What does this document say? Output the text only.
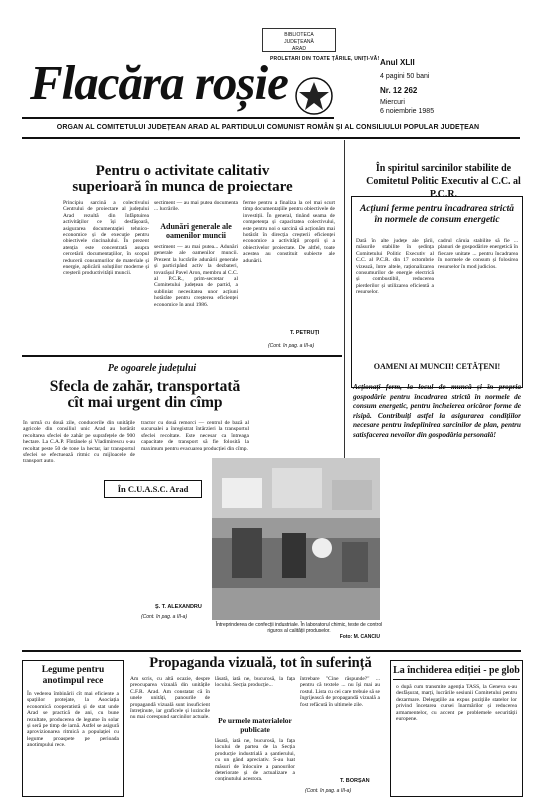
BIBLIOTECA
JUDEȚEANĂ
ARAD
PROLETARI DIN TOATE ȚĂRILE, UNIȚI-VĂ!
Flacăra roșie	Anul XLII
4 pagini 50 bani
Nr. 12 262
Miercuri
6 noiembrie 1985
ORGAN AL COMITETULUI JUDEȚEAN ARAD AL PARTIDULUI COMUNIST ROMÂN ȘI AL CONSILIULUI POPULAR JUDEȚEAN
Pentru o activitate calitativ superioară în munca de proiectare
Principiu sarcină a colectivului Centrului de proiectare al județului Arad rezultă din înfăptuirea activităților ce își desfășoară, asigurarea documentației tehnico-economice și de execuție pentru obiectivele cincinalului. În prezent atenția este concentrată asupra cercetării documentațiilor, în scopul reducerii consumurilor de materiale și energie, aplicării soluțiilor moderne și creșterii productivității muncii.
sectiment — au mai putea documenta ... lucrările.
Adunări generale ale oamenilor muncii
sectiment — au mai putea... Adunări generale ale oamenilor muncii. Prezent la lucrările adunării generale și participând activ la dezbateri, tovarășul Pavel Aron, membru al C.C. al P.C.R., prim-secretar al Comitetului județean de partid, a subliniat necesitatea unor acțiuni hotărâte pentru creșterea eficienței economice în anul 1986.
ferme pentru a finaliza la cel mai scurt timp documentațiile pentru obiectivele de investiții. În general, tinând seama de competența și capacitatea colectivului, este pentru noi o sarcină să acționăm mai hotărât în direcția creșterii eficienței economice a activității proprii și a obiectivelor proiectate. De altfel, toate acestea au constituit subiecte ale adunării.
T. PETRUȚI
(Cont. în pag. a III-a)
În spiritul sarcinilor stabilite de Comitetul Politic Executiv al C.C. al P.C.R.
Acțiuni ferme pentru încadrarea strictă în normele de consum energetic
Dată în alte județe ale țării, măsurile stabilite în ședința Comitetului Politic Executiv al C.C. al P.C.R. din 17 octombrie vizează, între altele, raționalizarea consumurilor de energie electrică și combustibil, reducerea pierderilor și utilizarea eficientă a resurselor.
cadrul căruia stabilite să fie ... planuri de gospodărire energetică în fiecare unitate ... pentru încadrarea în normele de consum și folosirea resurselor în mod judicios.
OAMENI AI MUNCII! CETĂȚENI!
Acționați ferm, la locul de muncă și în propria gospodărie pentru încadrarea strictă în normele de consum energetic, pentru încheierea oricăror forme de risipă. Contribuiți astfel la asigurarea condițiilor necesare pentru îndeplinirea sarcinilor de plan, pentru satisfacerea nevoilor din gospodăria personală!
Pe ogoarele județului
Sfecla de zahăr, transportată cît mai urgent din cîmp
În urmă cu două zile, conducerile din unitățile agricole din consiliul unic Arad au hotărât recoltarea sfeclei de zahăr pe suprafețele de 900 hectare. La C.A.P. Fîntânele și Vladimirescu s-au recoltat peste 50 de tone la hectar, iar transportul sfeclei se efectuează ritmic cu mijloacele de transport auto.
În C.U.A.S.C. Arad
tractor cu două remorci — centrul de bază al sucursalei a înregistrat întârzieri la transportul sfeclei recoltate. Este necesar ca întreaga capacitate de transport să fie folosită la maximum pentru evacuarea producției din cîmp.
Ș. T. ALEXANDRU
(Cont. în pag. a III-a)
Întreprinderea de confecții industriale. În laboratorul chimic, teste de control riguros al calității produselor.
Foto: M. CANCIU
Legume pentru anotimpul rece
În vederea îmbinării cît mai eficiente a spațiilor protejate, la Asociația economică cooperatistă și de stat unde Arad se practică de ani, cu bune rezultate, producerea de legume în solar și seră pe timp de iarnă. Astfel se asigură aprovizionarea ritmică a populației cu legume proaspete pe perioada anotimpului rece.
Propaganda vizuală, tot în suferință
Am scris, cu altă ocazie, despre preocuparea vizuală din unitățile C.F.R. Arad. Am constatat că în unele unități, panourile de propagandă vizuală sunt insuficient întreținute, iar graficele și lozincile nu mai corespund sarcinilor actuale.
lăsată, iată ne, bucurosă, la fața locului. Secția producție...
Pe urmele materialelor publicate
lăsată, iată ne, bucurosă, la fața locului de partea de la Secția producție industrială a șantierului, cu un gând apreciativ. S-au luat măsuri de înlocuire a panourilor deteriorate și de actualizare a conținutului acestora.
întrebare "Cine răspunde?" ... pentru că textele ... nu își mai au rostul. Lista cu cei care trebuie să se îngrijească de propagandă vizuală a fost refăcută în ultimele zile.
T. BORȘAN
(Cont. în pag. a III-a)
La închiderea ediției - pe glob
o după cum transmite agenția TASS, la Geneva s-au desfășurat, marți, lucrările sesiunii Comitetului pentru dezarmare. Delegațiile au expus pozițiile statelor lor privind încetarea cursei înarmărilor și reducerea armamentelor, cu accent pe problemele securității europene.
